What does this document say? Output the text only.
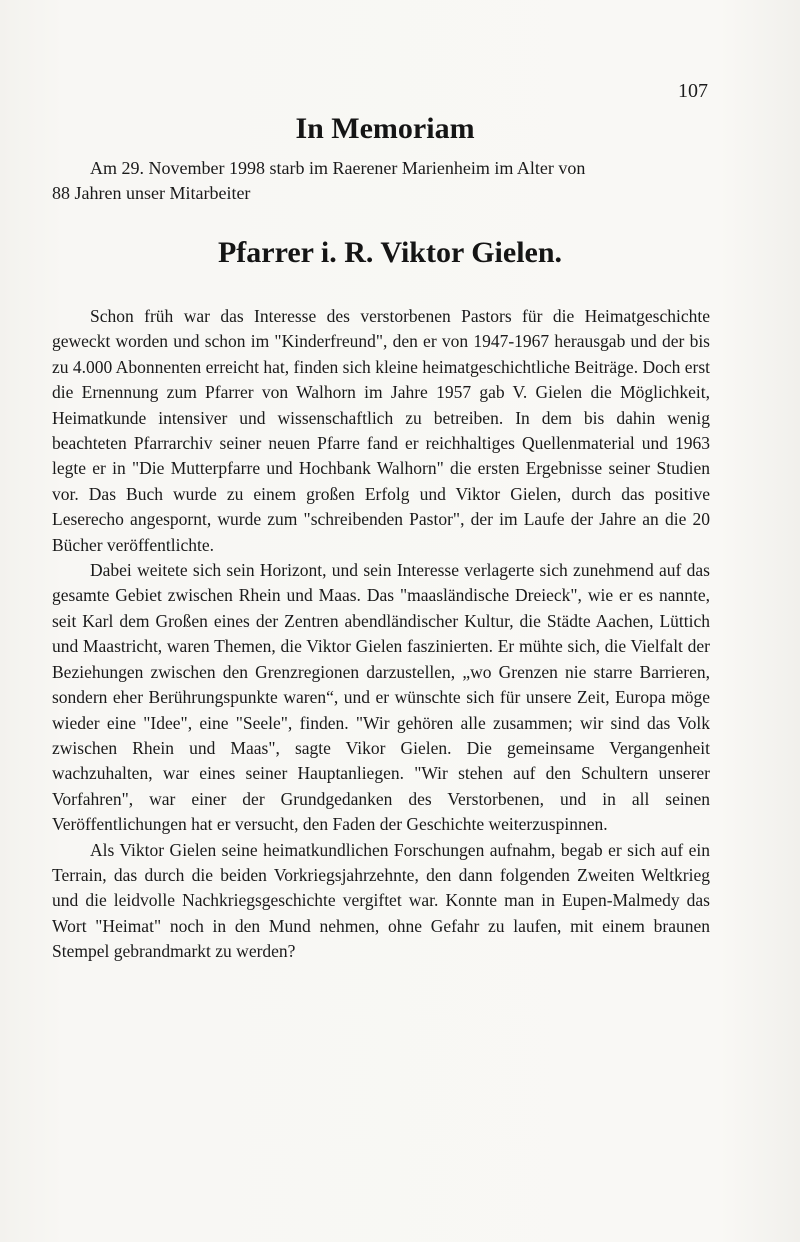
107
In Memoriam
Am 29. November 1998 starb im Raerener Marienheim im Alter von
88 Jahren unser Mitarbeiter
Pfarrer i. R. Viktor Gielen.

Schon früh war das Interesse des verstorbenen Pastors für die Heimatgeschichte geweckt worden und schon im "Kinderfreund", den er von 1947-1967 herausgab und der bis zu 4.000 Abonnenten erreicht hat, finden sich kleine heimatgeschichtliche Beiträge. Doch erst die Ernennung zum Pfarrer von Walhorn im Jahre 1957 gab V. Gielen die Möglichkeit, Heimatkunde intensiver und wissenschaftlich zu betreiben. In dem bis dahin wenig beachteten Pfarrarchiv seiner neuen Pfarre fand er reichhaltiges Quellenmaterial und 1963 legte er in "Die Mutterpfarre und Hochbank Walhorn" die ersten Ergebnisse seiner Studien vor. Das Buch wurde zu einem großen Erfolg und Viktor Gielen, durch das positive Leserecho angespornt, wurde zum "schreibenden Pastor", der im Laufe der Jahre an die 20 Bücher veröffentlichte.

Dabei weitete sich sein Horizont, und sein Interesse verlagerte sich zunehmend auf das gesamte Gebiet zwischen Rhein und Maas. Das "maasländische Dreieck", wie er es nannte, seit Karl dem Großen eines der Zentren abendländischer Kultur, die Städte Aachen, Lüttich und Maastricht, waren Themen, die Viktor Gielen faszinierten. Er mühte sich, die Vielfalt der Beziehungen zwischen den Grenzregionen darzustellen, „wo Grenzen nie starre Barrieren, sondern eher Berührungspunkte waren“, und er wünschte sich für unsere Zeit, Europa möge wieder eine "Idee", eine "Seele", finden. "Wir gehören alle zusammen; wir sind das Volk zwischen Rhein und Maas", sagte Vikor Gielen. Die gemeinsame Vergangenheit wachzuhalten, war eines seiner Hauptanliegen. "Wir stehen auf den Schultern unserer Vorfahren", war einer der Grundgedanken des Verstorbenen, und in all seinen Veröffentlichungen hat er versucht, den Faden der Geschichte weiterzuspinnen.

Als Viktor Gielen seine heimatkundlichen Forschungen aufnahm, begab er sich auf ein Terrain, das durch die beiden Vorkriegsjahrzehnte, den dann folgenden Zweiten Weltkrieg und die leidvolle Nachkriegsgeschichte vergiftet war. Konnte man in Eupen-Malmedy das Wort "Heimat" noch in den Mund nehmen, ohne Gefahr zu laufen, mit einem braunen Stempel gebrandmarkt zu werden?
